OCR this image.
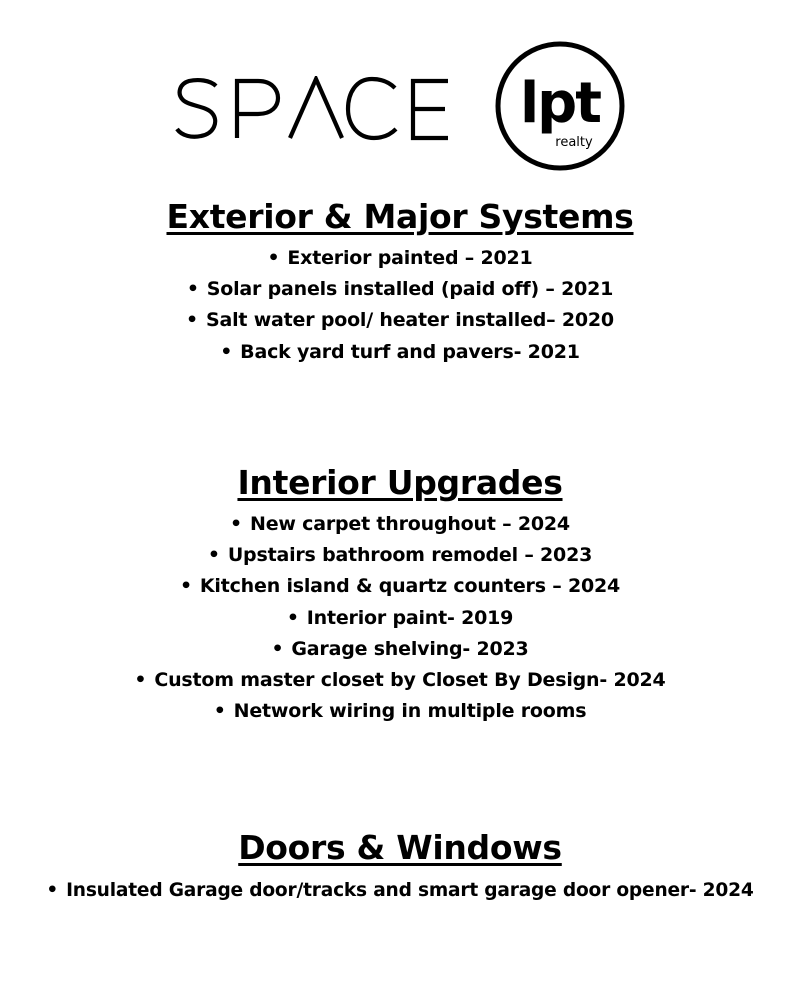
lpt
realty
Exterior & Major Systems
• Exterior painted – 2021
• Solar panels installed (paid off) – 2021
• Salt water pool/ heater installed– 2020
• Back yard turf and pavers- 2021
Interior Upgrades
• New carpet throughout – 2024
• Upstairs bathroom remodel – 2023
• Kitchen island & quartz counters – 2024
• Interior paint- 2019
• Garage shelving- 2023
• Custom master closet by Closet By Design- 2024
• Network wiring in multiple rooms
Doors & Windows
• Insulated Garage door/tracks and smart garage door opener- 2024
